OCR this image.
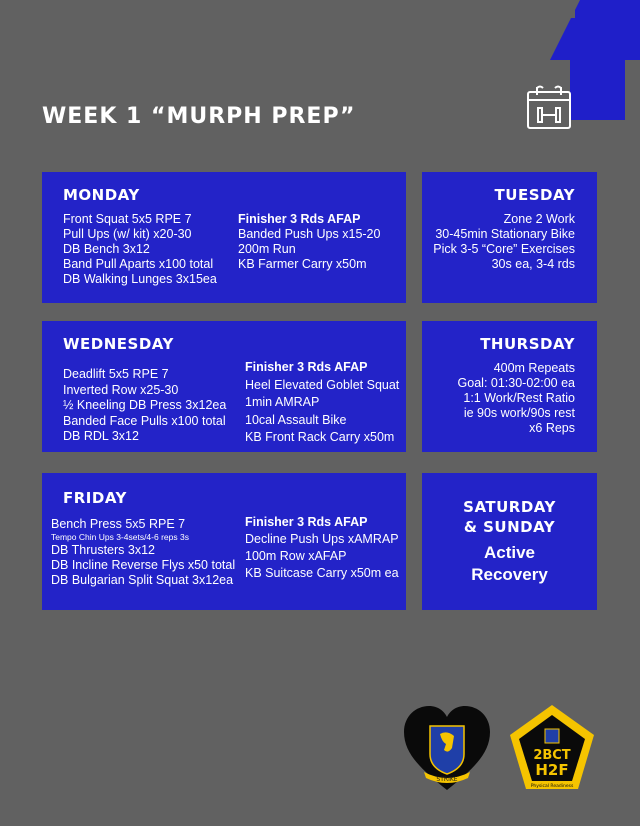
WEEK 1 “MURPH PREP”
MONDAY
Front Squat 5x5 RPE 7
Pull Ups (w/ kit) x20-30
DB Bench 3x12
Band Pull Aparts x100 total
DB Walking Lunges 3x15ea
Finisher 3 Rds AFAP
Banded Push Ups x15-20
200m Run
KB Farmer Carry x50m
TUESDAY
Zone 2 Work
30-45min Stationary Bike
Pick 3-5 “Core” Exercises
30s ea, 3-4 rds
WEDNESDAY
Deadlift 5x5 RPE 7
Inverted Row x25-30
½ Kneeling DB Press 3x12ea
Banded Face Pulls x100 total
DB RDL 3x12
Finisher 3 Rds AFAP
Heel Elevated Goblet Squat
1min AMRAP
10cal Assault Bike
KB Front Rack Carry x50m
THURSDAY
400m Repeats
Goal: 01:30-02:00 ea
1:1 Work/Rest Ratio
ie 90s work/90s rest
x6 Reps
FRIDAY
Bench Press 5x5 RPE 7
Tempo Chin Ups 3-4sets/4-6 reps 3s
DB Thrusters 3x12
DB Incline Reverse Flys x50 total
DB Bulgarian Split Squat 3x12ea
Finisher 3 Rds AFAP
Decline Push Ups xAMRAP
100m Row xAFAP
KB Suitcase Carry x50m ea
SATURDAY
& SUNDAY
Active
Recovery
STRIKE
2BCT
H2F
Physical Readiness
